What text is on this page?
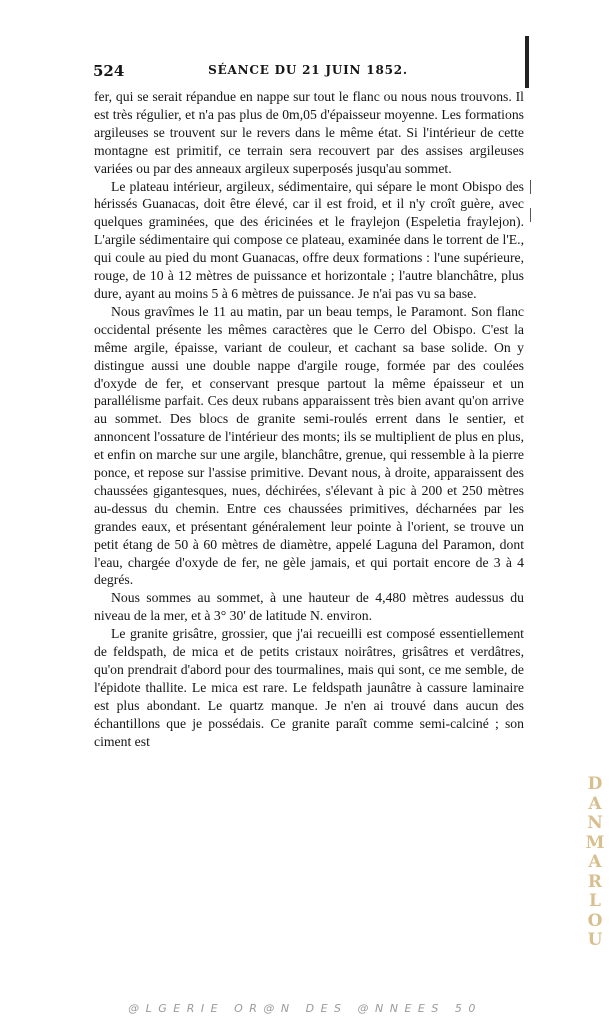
524	SÉANCE DU 21 JUIN 1852.

fer, qui se serait répandue en nappe sur tout le flanc ou nous nous trouvons. Il est très régulier, et n'a pas plus de 0m,05 d'épaisseur moyenne. Les formations argileuses se trouvent sur le revers dans le même état. Si l'intérieur de cette montagne est primitif, ce terrain sera recouvert par des assises argileuses variées ou par des anneaux argileux superposés jusqu'au sommet.

Le plateau intérieur, argileux, sédimentaire, qui sépare le mont Obispo des hérissés Guanacas, doit être élevé, car il est froid, et il n'y croît guère, avec quelques graminées, que des éricinées et le fraylejon (Espeletia fraylejon). L'argile sédimentaire qui compose ce plateau, examinée dans le torrent de l'E., qui coule au pied du mont Guanacas, offre deux formations : l'une supérieure, rouge, de 10 à 12 mètres de puissance et horizontale ; l'autre blanchâtre, plus dure, ayant au moins 5 à 6 mètres de puissance. Je n'ai pas vu sa base.

Nous gravîmes le 11 au matin, par un beau temps, le Paramont. Son flanc occidental présente les mêmes caractères que le Cerro del Obispo. C'est la même argile, épaisse, variant de couleur, et cachant sa base solide. On y distingue aussi une double nappe d'argile rouge, formée par des coulées d'oxyde de fer, et conservant presque partout la même épaisseur et un parallélisme parfait. Ces deux rubans apparaissent très bien avant qu'on arrive au sommet. Des blocs de granite semi-roulés errent dans le sentier, et annoncent l'ossature de l'intérieur des monts; ils se multiplient de plus en plus, et enfin on marche sur une argile, blanchâtre, grenue, qui ressemble à la pierre ponce, et repose sur l'assise primitive. Devant nous, à droite, apparaissent des chaussées gigantesques, nues, déchirées, s'élevant à pic à 200 et 250 mètres au-dessus du chemin. Entre ces chaussées primitives, décharnées par les grandes eaux, et présentant généralement leur pointe à l'orient, se trouve un petit étang de 50 à 60 mètres de diamètre, appelé Laguna del Paramon, dont l'eau, chargée d'oxyde de fer, ne gèle jamais, et qui portait encore de 3 à 4 degrés.

Nous sommes au sommet, à une hauteur de 4,480 mètres audessus du niveau de la mer, et à 3° 30' de latitude N. environ.

Le granite grisâtre, grossier, que j'ai recueilli est composé essentiellement de feldspath, de mica et de petits cristaux noirâtres, grisâtres et verdâtres, qu'on prendrait d'abord pour des tourmalines, mais qui sont, ce me semble, de l'épidote thallite. Le mica est rare. Le feldspath jaunâtre à cassure laminaire est plus abondant. Le quartz manque. Je n'en ai trouvé dans aucun des échantillons que je possédais. Ce granite paraît comme semi-calciné ; son ciment est

DANMARLOU
@LGERIE OR@N DES @NNEES 50
